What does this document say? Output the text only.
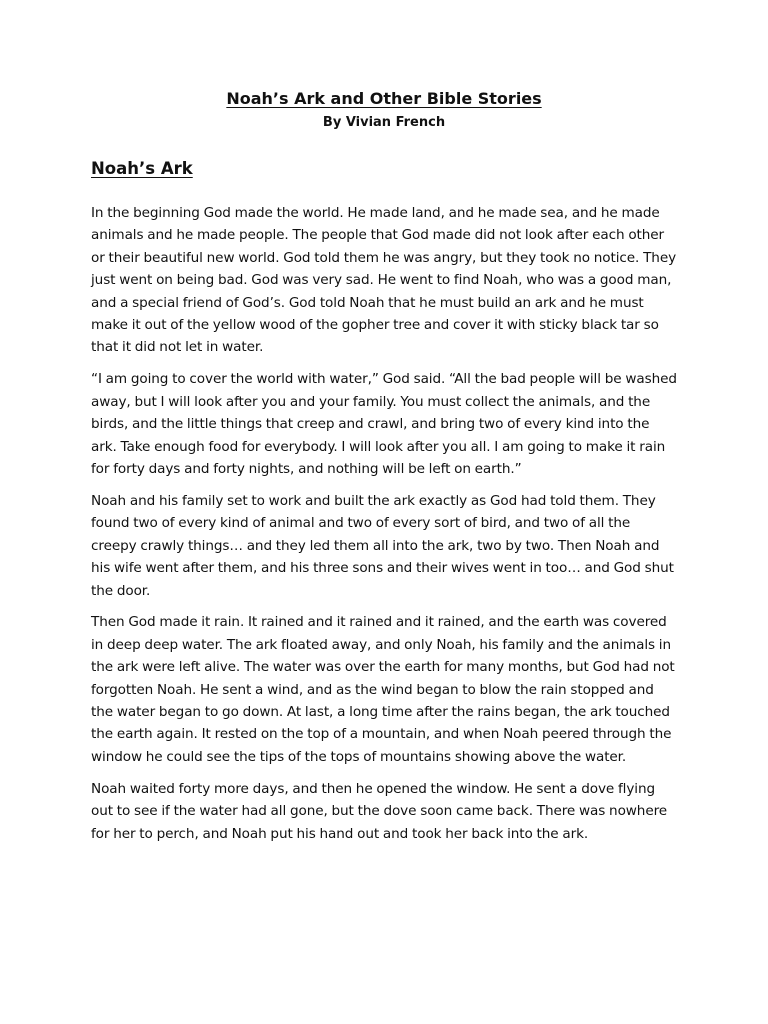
Noah’s Ark and Other Bible Stories
By Vivian French
Noah’s Ark

In the beginning God made the world. He made land, and he made sea, and he made animals and he made people. The people that God made did not look after each other or their beautiful new world. God told them he was angry, but they took no notice. They just went on being bad. God was very sad. He went to find Noah, who was a good man, and a special friend of God’s. God told Noah that he must build an ark and he must make it out of the yellow wood of the gopher tree and cover it with sticky black tar so that it did not let in water.

“I am going to cover the world with water,” God said. “All the bad people will be washed away, but I will look after you and your family. You must collect the animals, and the birds, and the little things that creep and crawl, and bring two of every kind into the ark. Take enough food for everybody. I will look after you all. I am going to make it rain for forty days and forty nights, and nothing will be left on earth.”

Noah and his family set to work and built the ark exactly as God had told them. They found two of every kind of animal and two of every sort of bird, and two of all the creepy crawly things… and they led them all into the ark, two by two. Then Noah and his wife went after them, and his three sons and their wives went in too… and God shut the door.

Then God made it rain. It rained and it rained and it rained, and the earth was covered in deep deep water. The ark floated away, and only Noah, his family and the animals in the ark were left alive. The water was over the earth for many months, but God had not forgotten Noah. He sent a wind, and as the wind began to blow the rain stopped and the water began to go down. At last, a long time after the rains began, the ark touched the earth again. It rested on the top of a mountain, and when Noah peered through the window he could see the tips of the tops of mountains showing above the water.

Noah waited forty more days, and then he opened the window. He sent a dove flying out to see if the water had all gone, but the dove soon came back. There was nowhere for her to perch, and Noah put his hand out and took her back into the ark.
